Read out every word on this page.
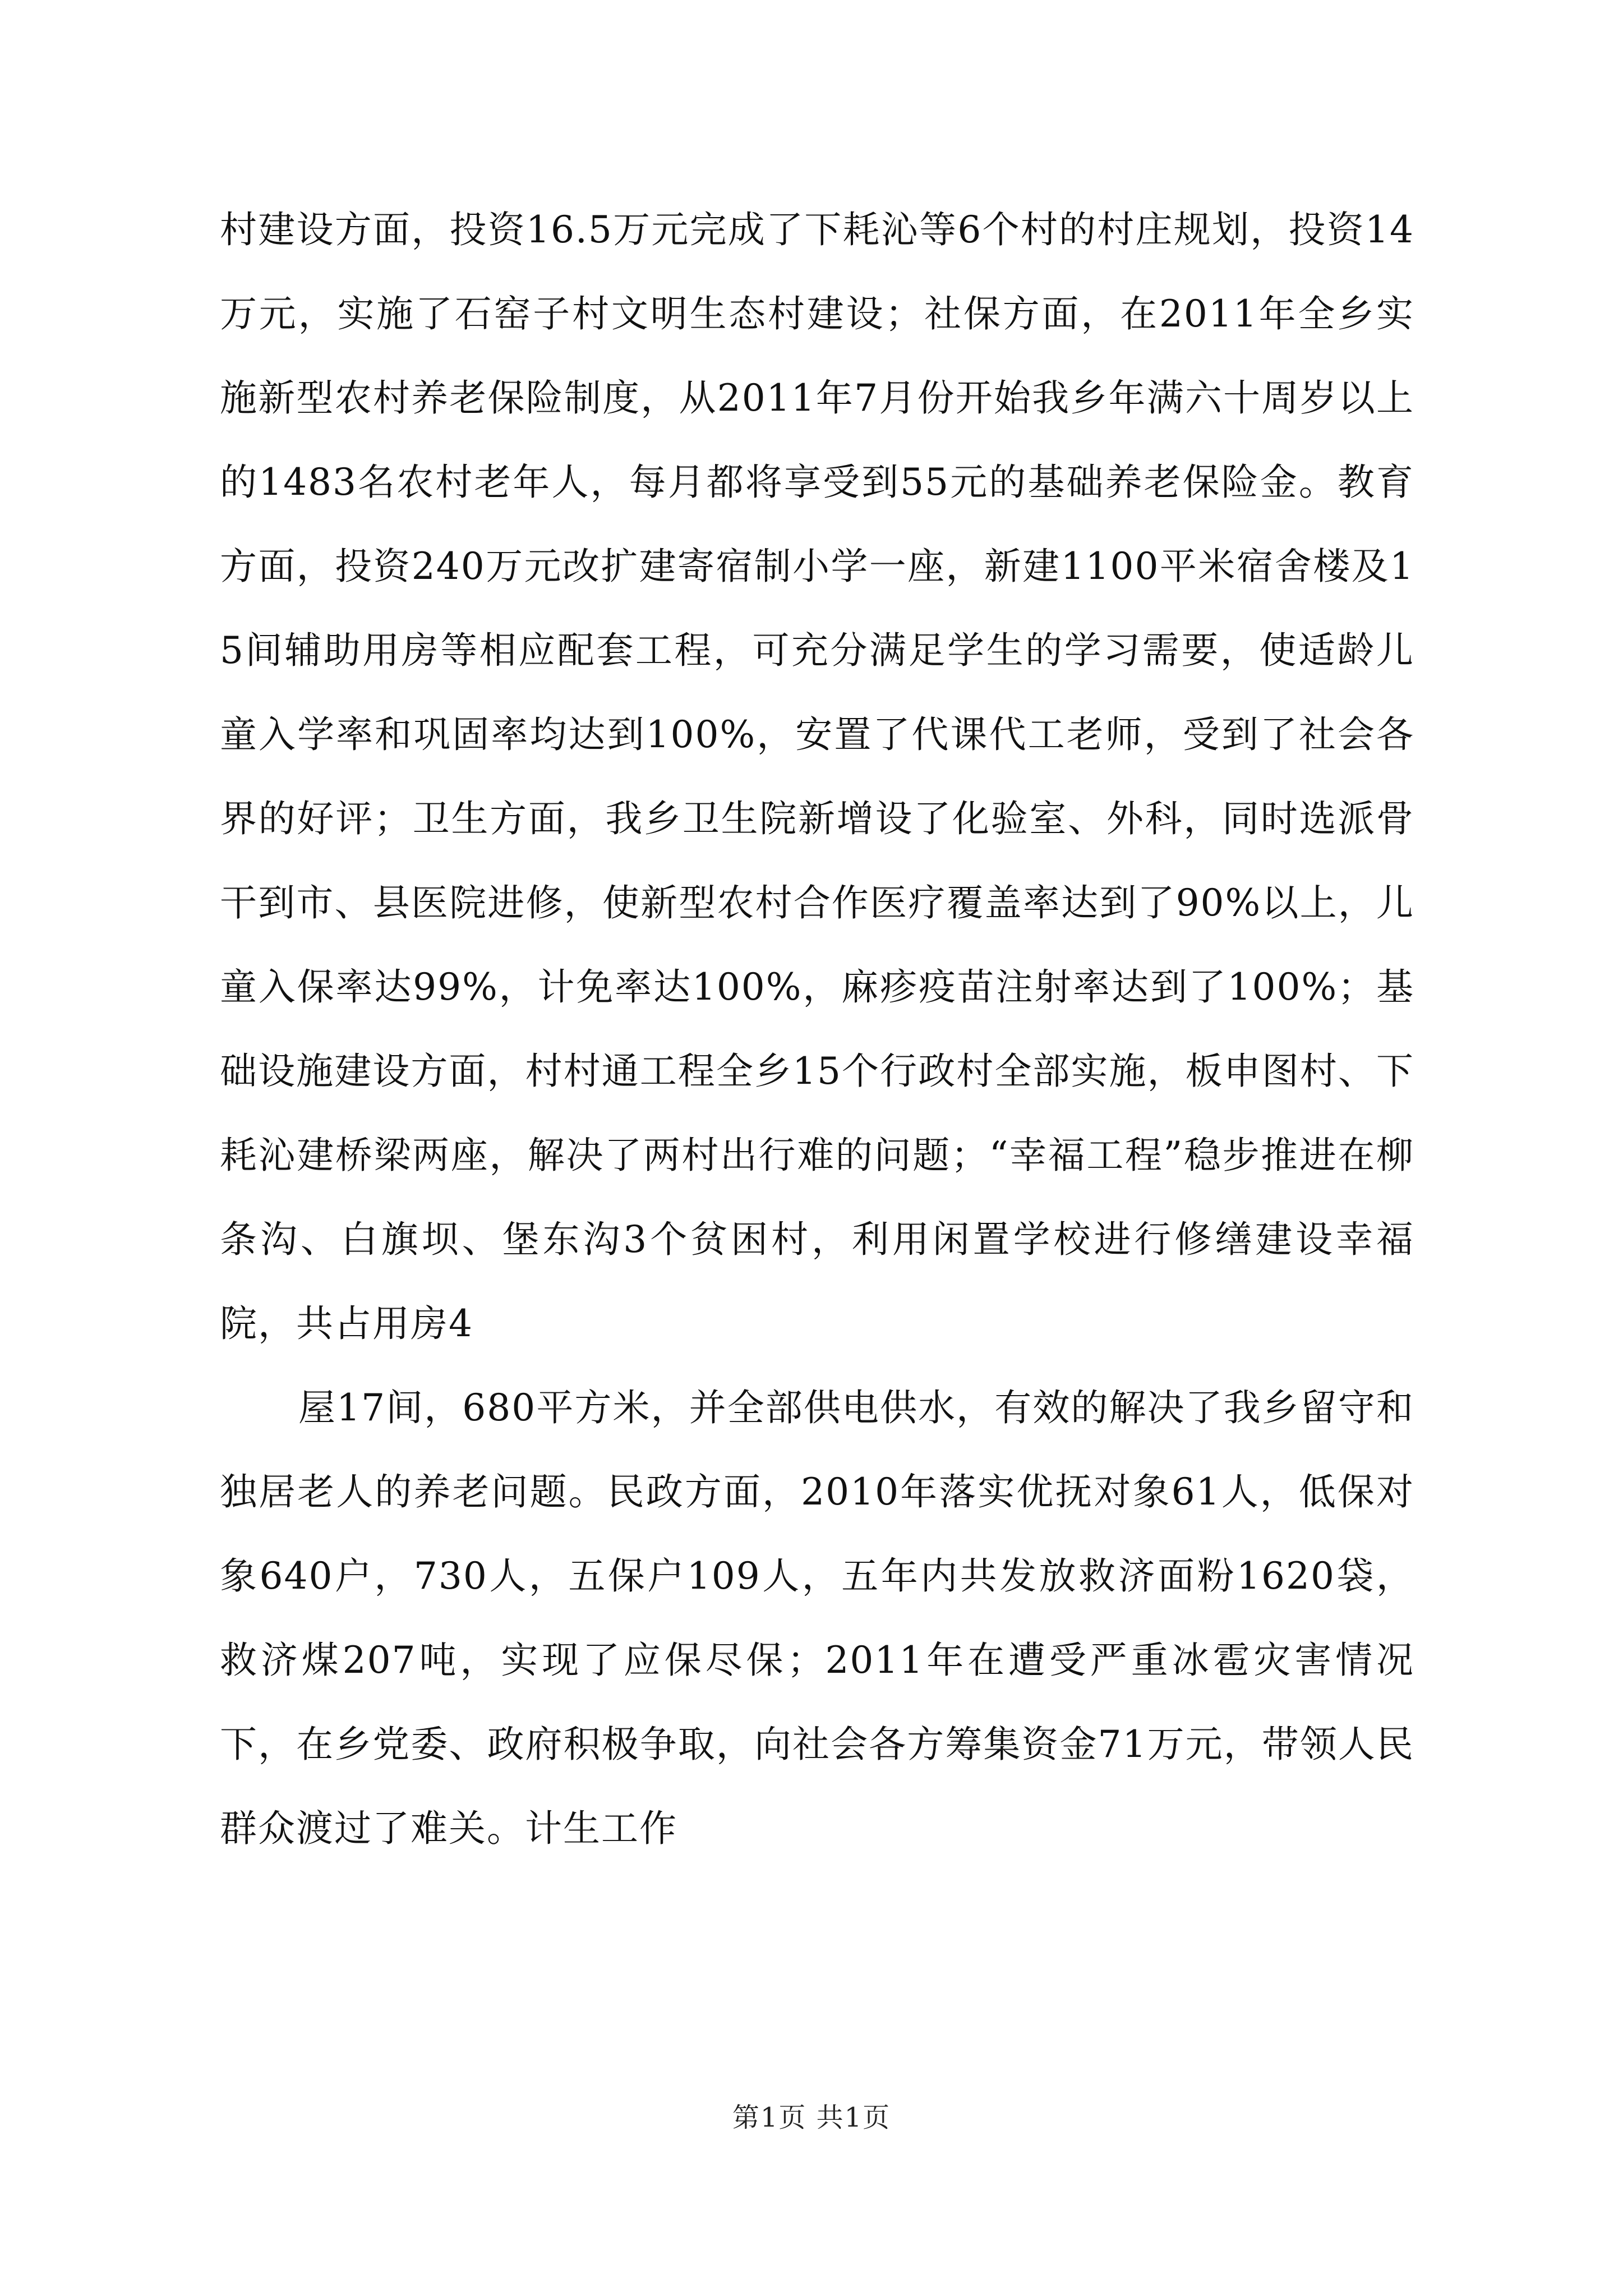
村建设方面，投资16.5万元完成了下耗沁等6个村的村庄规划，投资14万元，实施了石窑子村文明生态村建设；社保方面，在2011年全乡实施新型农村养老保险制度，从2011年7月份开始我乡年满六十周岁以上的1483名农村老年人，每月都将享受到55元的基础养老保险金。教育方面，投资240万元改扩建寄宿制小学一座，新建1100平米宿舍楼及15间辅助用房等相应配套工程，可充分满足学生的学习需要，使适龄儿童入学率和巩固率均达到100%，安置了代课代工老师，受到了社会各界的好评；卫生方面，我乡卫生院新增设了化验室、外科，同时选派骨干到市、县医院进修，使新型农村合作医疗覆盖率达到了90%以上，儿童入保率达99%，计免率达100%，麻疹疫苗注射率达到了100%；基础设施建设方面，村村通工程全乡15个行政村全部实施，板申图村、下耗沁建桥梁两座，解决了两村出行难的问题；“幸福工程”稳步推进在柳条沟、白旗坝、堡东沟3个贫困村，利用闲置学校进行修缮建设幸福院，共占用房4

屋17间，680平方米，并全部供电供水，有效的解决了我乡留守和独居老人的养老问题。民政方面，2010年落实优抚对象61人，低保对象640户，730人，五保户109人，五年内共发放救济面粉1620袋，救济煤207吨，实现了应保尽保；2011年在遭受严重冰雹灾害情况下，在乡党委、政府积极争取，向社会各方筹集资金71万元，带领人民群众渡过了难关。计生工作

第1页 共1页
